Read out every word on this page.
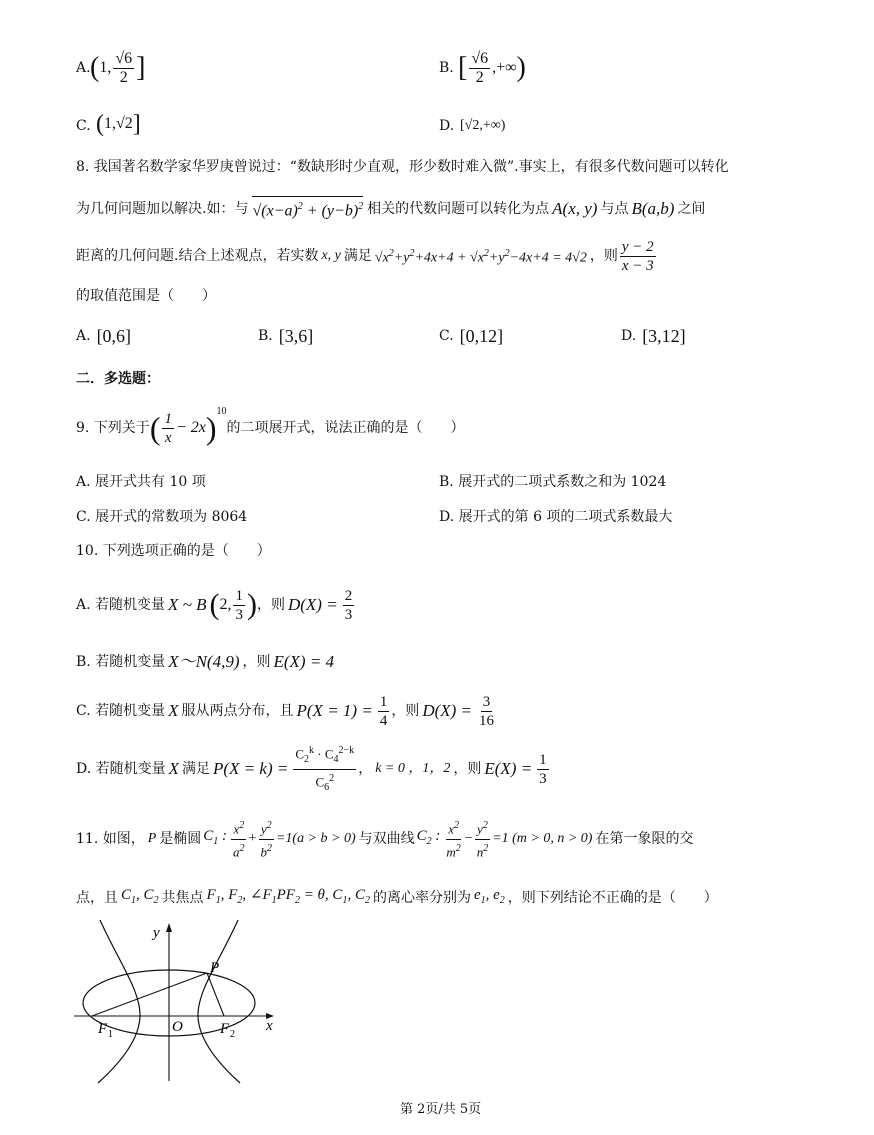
A. ( 1, $\frac{√6}{2}$ ]	B. [ $\frac{√6}{2}$ ,+∞ )
C. ( 1,√2 ]	D. [√2,+∞)
8. 我国著名数学家华罗庚曾说过：“数缺形时少直观，形少数时难入微”.事实上，有很多代数问题可以转化
为几何问题加以解决.如：与 $√(x-a)^2 + (y-b)^2$ 相关的代数问题可以转化为点 A(x, y) 与点 B(a,b) 之间
距离的几何问题.结合上述观点，若实数 x, y 满足 $√x^2+y^2+4x+4 + √x^2+y^2-4x+4 = 4√2$ ，则 $\frac{y - 2}{x - 3}$
的取值范围是（　　）
A. [0,6]	B. [3,6]	C. [0,12]	D. [3,12]
二．多选题：
9. 下列关于 ( $\frac{1}{x} - 2x$ ) 10
的二项展开式，说法正确的是（　　）
A. 展开式共有 10 项	B. 展开式的二项式系数之和为 1024
C. 展开式的常数项为 8064	D. 展开式的第 6 项的二项式系数最大
10. 下列选项正确的是（　　）
A. 若随机变量 X ~ B ( 2, $\frac{1}{3}$ ) ，则 $D(X) = \frac{2}{3}$
B. 若随机变量 X～N(4,9) ，则 E(X) = 4
C. 若随机变量 X 服从两点分布，且 $P(X = 1) = \frac{1}{4}$ ，则 $D(X) = \frac{3}{16}$
D. 若随机变量 X 满足 $P(X = k) = \frac{C_2^k \cdot C_4^{2-k}}{C_6^2}$ ， k = 0 ，1，2 ，则 $E(X) = \frac{1}{3}$
11. 如图， P 是椭圆 $C_1$ : $\frac{x^2}{a^2} + \frac{y^2}{b^2} =1(a > b > 0)$ 与双曲线 $C_2$ : $\frac{x^2}{m^2} - \frac{y^2}{n^2} =1$ (m > 0, n > 0) 在第一象限的交
点，且 $C_1$, $C_2$ 共焦点 $F_1$, $F_2$, $\angle F_1PF_2 = \theta$, $C_1$, $C_2$ 的离心率分别为 $e_1$, $e_2$ ，则下列结论不正确的是（　　）
y
x
P
O
F 1	F 2
第 2页/共 5页
